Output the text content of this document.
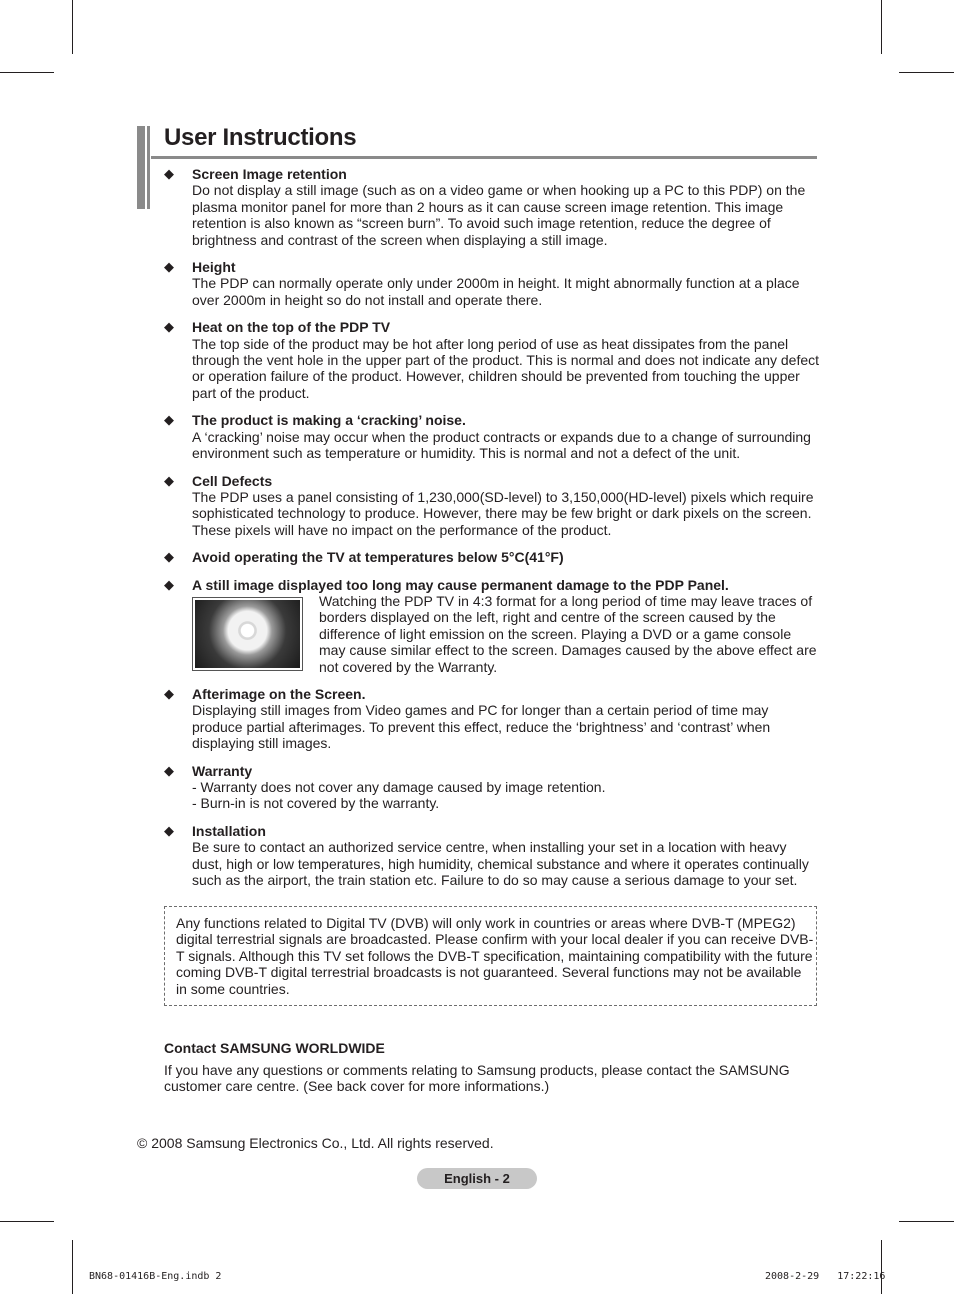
User Instructions
◆ Screen Image retention
Do not display a still image (such as on a video game or when hooking up a PC to this PDP) on the plasma monitor panel for more than 2 hours as it can cause screen image retention. This image retention is also known as “screen burn”. To avoid such image retention, reduce the degree of brightness and contrast of the screen when displaying a still image.
◆ Height
The PDP can normally operate only under 2000m in height. It might abnormally function at a place over 2000m in height so do not install and operate there.
◆ Heat on the top of the PDP TV
The top side of the product may be hot after long period of use as heat dissipates from the panel through the vent hole in the upper part of the product. This is normal and does not indicate any defect or operation failure of the product. However, children should be prevented from touching the upper part of the product.
◆ The product is making a ‘cracking’ noise.
A ‘cracking’ noise may occur when the product contracts or expands due to a change of surrounding environment such as temperature or humidity. This is normal and not a defect of the unit.
◆ Cell Defects
The PDP uses a panel consisting of 1,230,000(SD-level) to 3,150,000(HD-level) pixels which require sophisticated technology to produce. However, there may be few bright or dark pixels on the screen. These pixels will have no impact on the performance of the product.
◆ Avoid operating the TV at temperatures below 5°C(41°F)
◆ A still image displayed too long may cause permanent damage to the PDP Panel.
Watching the PDP TV in 4:3 format for a long period of time may leave traces of borders displayed on the left, right and centre of the screen caused by the difference of light emission on the screen. Playing a DVD or a game console may cause similar effect to the screen. Damages caused by the above effect are not covered by the Warranty.
◆ Afterimage on the Screen.
Displaying still images from Video games and PC for longer than a certain period of time may produce partial afterimages. To prevent this effect, reduce the ‘brightness’ and ‘contrast’ when displaying still images.
◆ Warranty
- Warranty does not cover any damage caused by image retention.
- Burn-in is not covered by the warranty.
◆ Installation
Be sure to contact an authorized service centre, when installing your set in a location with heavy dust, high or low temperatures, high humidity, chemical substance and where it operates continually such as the airport, the train station etc. Failure to do so may cause a serious damage to your set.
Any functions related to Digital TV (DVB) will only work in countries or areas where DVB-T (MPEG2) digital terrestrial signals are broadcasted. Please confirm with your local dealer if you can receive DVB-T signals. Although this TV set follows the DVB-T specification, maintaining compatibility with the future coming DVB-T digital terrestrial broadcasts is not guaranteed. Several functions may not be available in some countries.
Contact SAMSUNG WORLDWIDE
If you have any questions or comments relating to Samsung products, please contact the SAMSUNG customer care centre. (See back cover for more informations.)
© 2008 Samsung Electronics Co., Ltd. All rights reserved.
English - 2
BN68-01416B-Eng.indb 2	2008-2-29   17:22:16
